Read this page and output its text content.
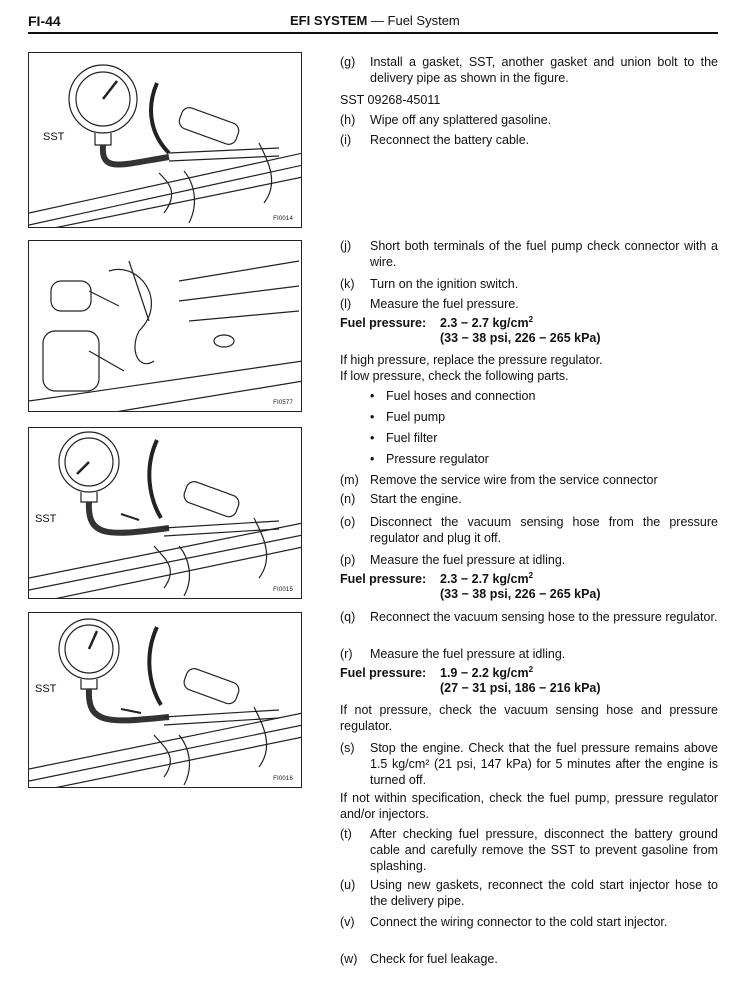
FI-44	EFI SYSTEM — Fuel System
SST
FI0014
FI0577
SST
FI0015
SST
FI0016
(g) Install a gasket, SST, another gasket and union bolt to the delivery pipe as shown in the figure.
SST 09268-45011
(h) Wipe off any splattered gasoline.
(i) Reconnect the battery cable.
(j) Short both terminals of the fuel pump check connector with a wire.
(k) Turn on the ignition switch.
(l) Measure the fuel pressure.
Fuel pressure: 2.3 − 2.7 $kg/cm^2$
(33 − 38 psi, 226 − 265 kPa)
If high pressure, replace the pressure regulator.
If low pressure, check the following parts.
• Fuel hoses and connection
• Fuel pump
• Fuel filter
• Pressure regulator
(m) Remove the service wire from the service connector
(n) Start the engine.
(o) Disconnect the vacuum sensing hose from the pressure regulator and plug it off.
(p) Measure the fuel pressure at idling.
Fuel pressure: 2.3 − 2.7 $kg/cm^2$
(33 − 38 psi, 226 − 265 kPa)
(q) Reconnect the vacuum sensing hose to the pressure regulator.
(r) Measure the fuel pressure at idling.
Fuel pressure: 1.9 − 2.2 $kg/cm^2$
(27 − 31 psi, 186 − 216 kPa)
If not pressure, check the vacuum sensing hose and pressure regulator.
(s) Stop the engine. Check that the fuel pressure remains above 1.5 kg/cm² (21 psi, 147 kPa) for 5 minutes after the engine is turned off.
If not within specification, check the fuel pump, pressure regulator and/or injectors.
(t) After checking fuel pressure, disconnect the battery ground cable and carefully remove the SST to prevent gasoline from splashing.
(u) Using new gaskets, reconnect the cold start injector hose to the delivery pipe.
(v) Connect the wiring connector to the cold start injector.
(w) Check for fuel leakage.
